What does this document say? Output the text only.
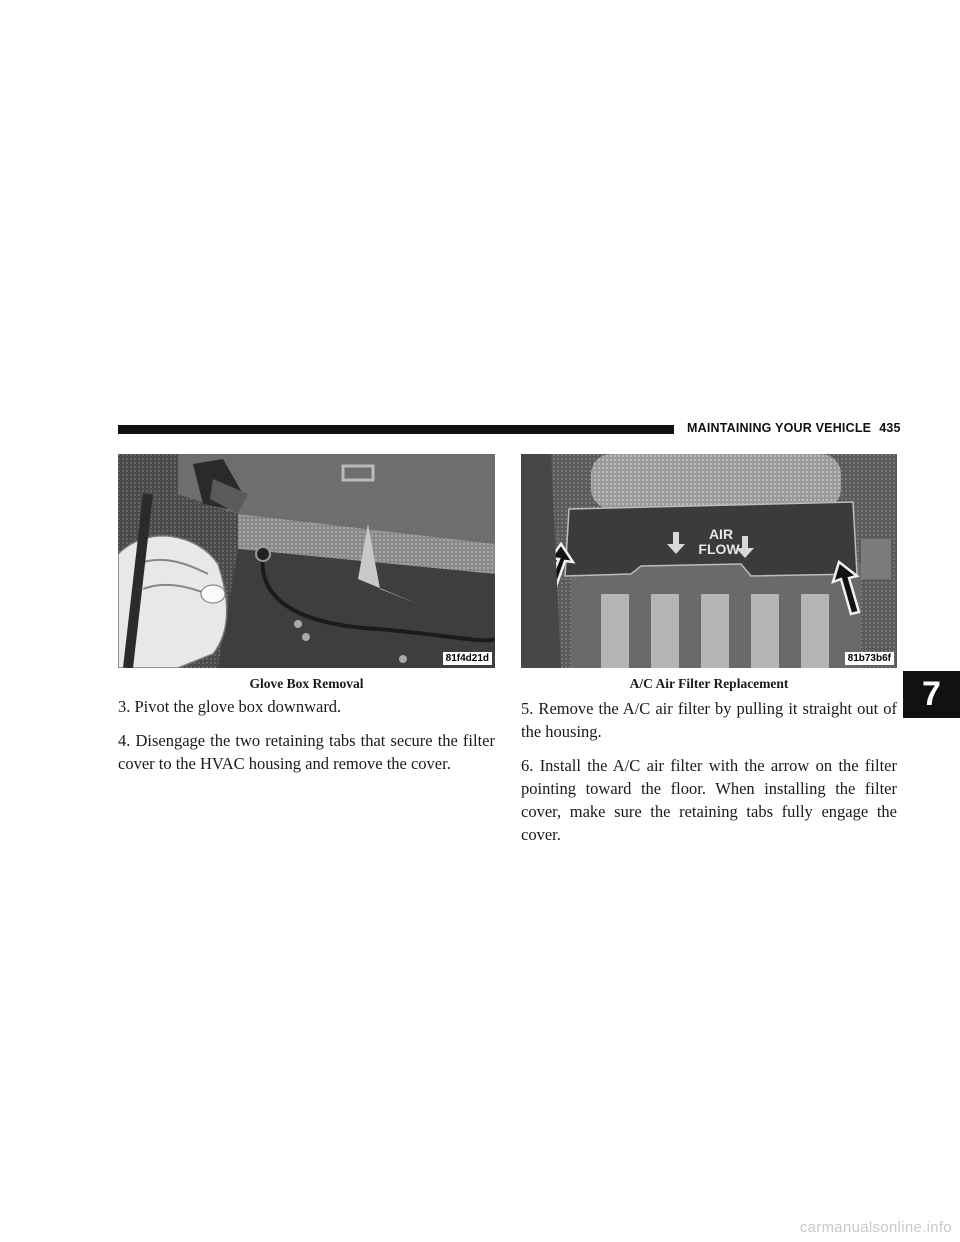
MAINTAINING YOUR VEHICLE 435
81f4d21d
Glove Box Removal
AIR
FLOW
81b73b6f
A/C Air Filter Replacement

3. Pivot the glove box downward.

4. Disengage the two retaining tabs that secure the filter cover to the HVAC housing and remove the cover.

5. Remove the A/C air filter by pulling it straight out of the housing.

6. Install the A/C air filter with the arrow on the filter pointing toward the floor. When installing the filter cover, make sure the retaining tabs fully engage the cover.

7
carmanualsonline.info
